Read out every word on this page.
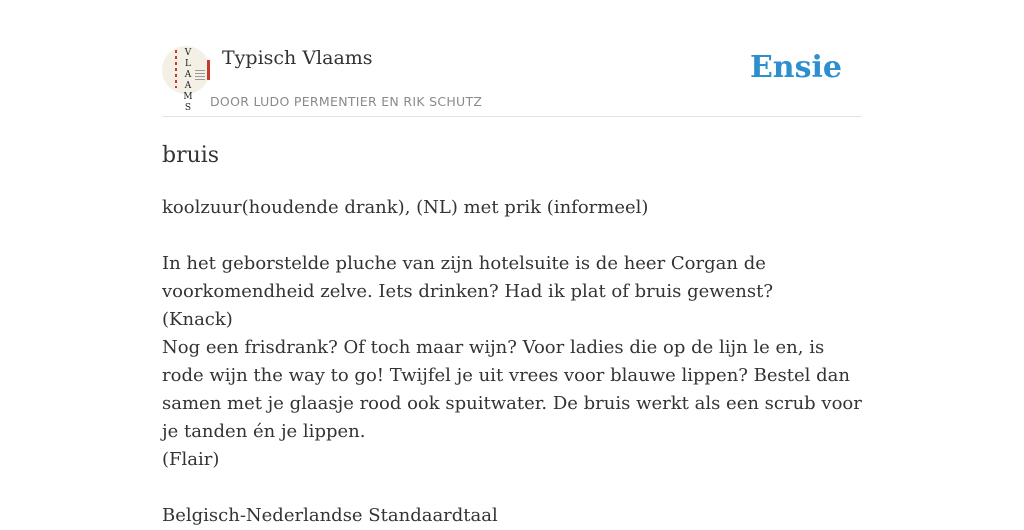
V
L
A
A
M
S
Typisch Vlaams
DOOR LUDO PERMENTIER EN RIK SCHUTZ
Ensie
bruis

koolzuur(houdende drank), (NL) met prik (informeel)

In het geborstelde pluche van zijn hotelsuite is de heer Corgan de voorkomendheid zelve. Iets drinken? Had ik plat of bruis gewenst?

(Knack)

Nog een frisdrank? Of toch maar wijn? Voor ladies die op de lijn le en, is rode wijn the way to go! Twijfel je uit vrees voor blauwe lippen? Bestel dan samen met je glaasje rood ook spuitwater. De bruis werkt als een scrub voor je tanden én je lippen.

(Flair)

Belgisch-Nederlandse Standaardtaal
